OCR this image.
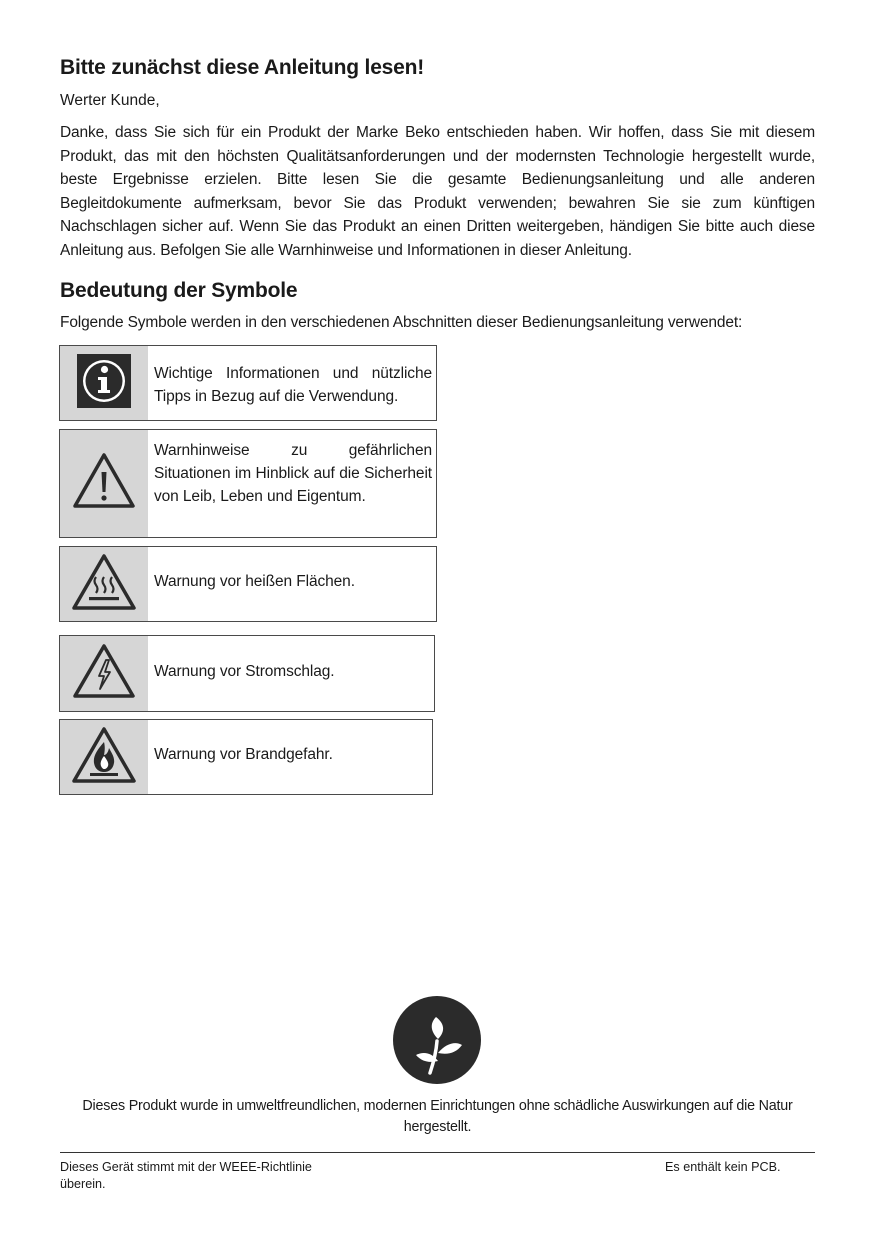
Bitte zunächst diese Anleitung lesen!
Werter Kunde,

Danke, dass Sie sich für ein Produkt der Marke Beko entschieden haben. Wir hoffen, dass Sie mit diesem Produkt, das mit den höchsten Qualitätsanforderungen und der modernsten Technologie hergestellt wurde, beste Ergebnisse erzielen. Bitte lesen Sie die gesamte Bedienungsanleitung und alle anderen Begleitdokumente aufmerksam, bevor Sie das Produkt verwenden; bewahren Sie sie zum künftigen Nachschlagen sicher auf. Wenn Sie das Produkt an einen Dritten weitergeben, händigen Sie bitte auch diese Anleitung aus. Befolgen Sie alle Warnhinweise und Informationen in dieser Anleitung.

Bedeutung der Symbole
Folgende Symbole werden in den verschiedenen Abschnitten dieser Bedienungsanleitung verwendet:
Wichtige Informationen und nützliche Tipps in Bezug auf die Verwendung.
Warnhinweise zu gefährlichen Situationen im Hinblick auf die Sicherheit von Leib, Leben und Eigentum.
Warnung vor heißen Flächen.
Warnung vor Stromschlag.
Warnung vor Brandgefahr.
Dieses Produkt wurde in umweltfreundlichen, modernen Einrichtungen ohne schädliche Auswirkungen auf die Natur hergestellt.
Dieses Gerät stimmt mit der WEEE-Richtlinie überein.
Es enthält kein PCB.
